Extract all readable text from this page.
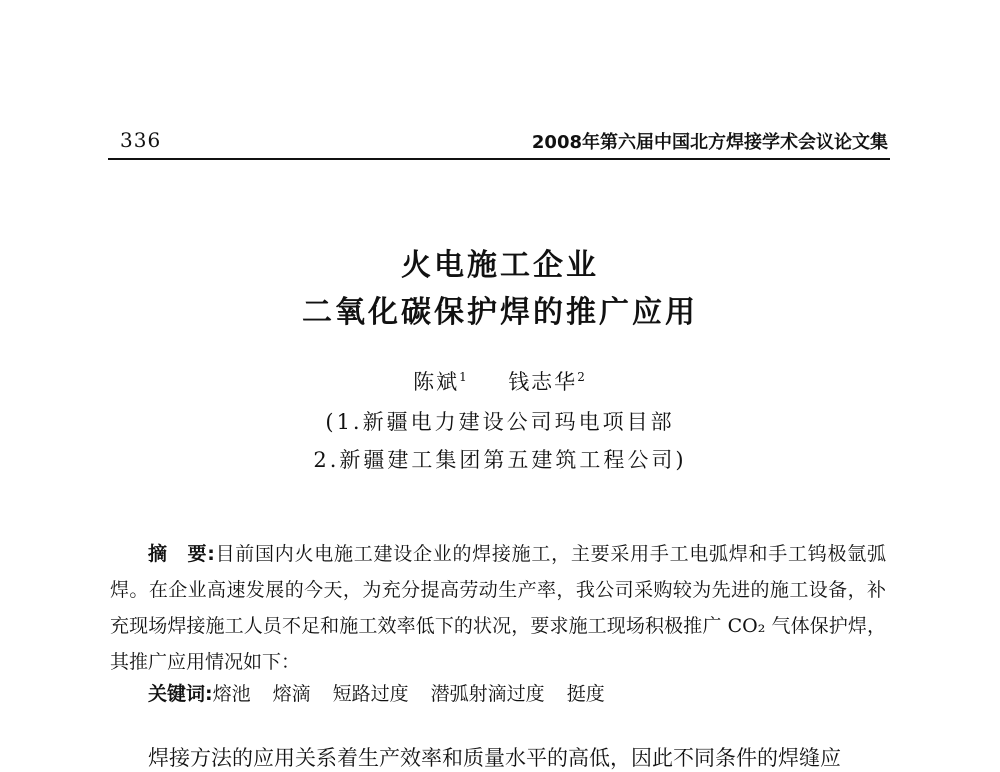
336	2008年第六届中国北方焊接学术会议论文集
火电施工企业
二氧化碳保护焊的推广应用
陈斌$^1$ 钱志华$^2$
(1.新疆电力建设公司玛电项目部
2.新疆建工集团第五建筑工程公司)
摘　要:目前国内火电施工建设企业的焊接施工，主要采用手工电弧焊和手工钨极氩弧焊。在企业高速发展的今天，为充分提高劳动生产率，我公司采购较为先进的施工设备，补充现场焊接施工人员不足和施工效率低下的状况，要求施工现场积极推广 CO₂ 气体保护焊，其推广应用情况如下：
关键词:熔池 熔滴 短路过度 潜弧射滴过度 挺度
焊接方法的应用关系着生产效率和质量水平的高低，因此不同条件的焊缝应
